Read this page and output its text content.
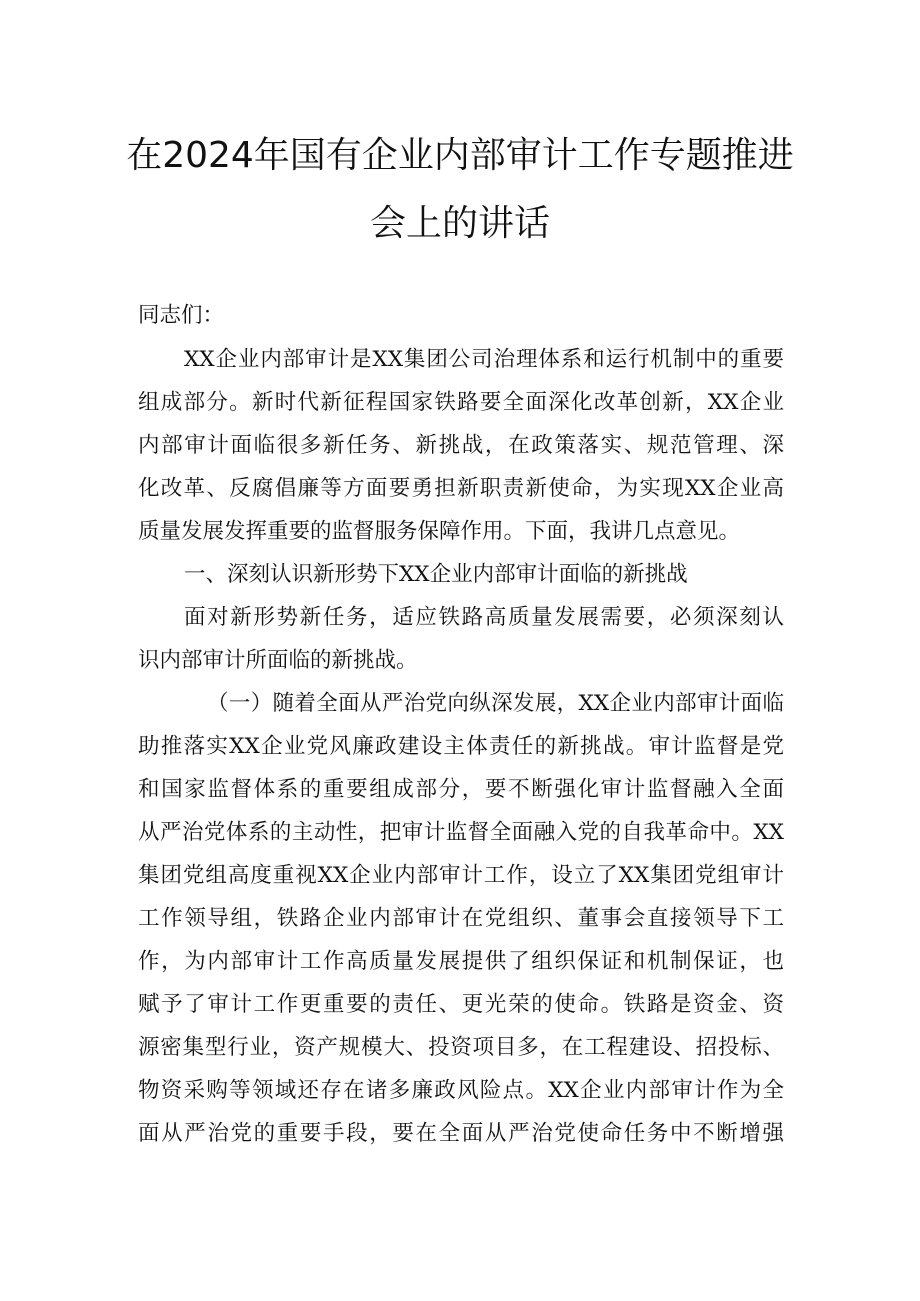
在2024年国有企业内部审计工作专题推进
会上的讲话
同志们：
XX企业内部审计是XX集团公司治理体系和运行机制中的重要
组成部分。新时代新征程国家铁路要全面深化改革创新，XX企业
内部审计面临很多新任务、新挑战，在政策落实、规范管理、深
化改革、反腐倡廉等方面要勇担新职责新使命，为实现XX企业高
质量发展发挥重要的监督服务保障作用。下面，我讲几点意见。
一、深刻认识新形势下XX企业内部审计面临的新挑战
面对新形势新任务，适应铁路高质量发展需要，必须深刻认
识内部审计所面临的新挑战。
（一）随着全面从严治党向纵深发展，XX企业内部审计面临
助推落实XX企业党风廉政建设主体责任的新挑战。审计监督是党
和国家监督体系的重要组成部分，要不断强化审计监督融入全面
从严治党体系的主动性，把审计监督全面融入党的自我革命中。XX
集团党组高度重视XX企业内部审计工作，设立了XX集团党组审计
工作领导组，铁路企业内部审计在党组织、董事会直接领导下工
作，为内部审计工作高质量发展提供了组织保证和机制保证，也
赋予了审计工作更重要的责任、更光荣的使命。铁路是资金、资
源密集型行业，资产规模大、投资项目多，在工程建设、招投标、
物资采购等领域还存在诸多廉政风险点。XX企业内部审计作为全
面从严治党的重要手段，要在全面从严治党使命任务中不断增强
